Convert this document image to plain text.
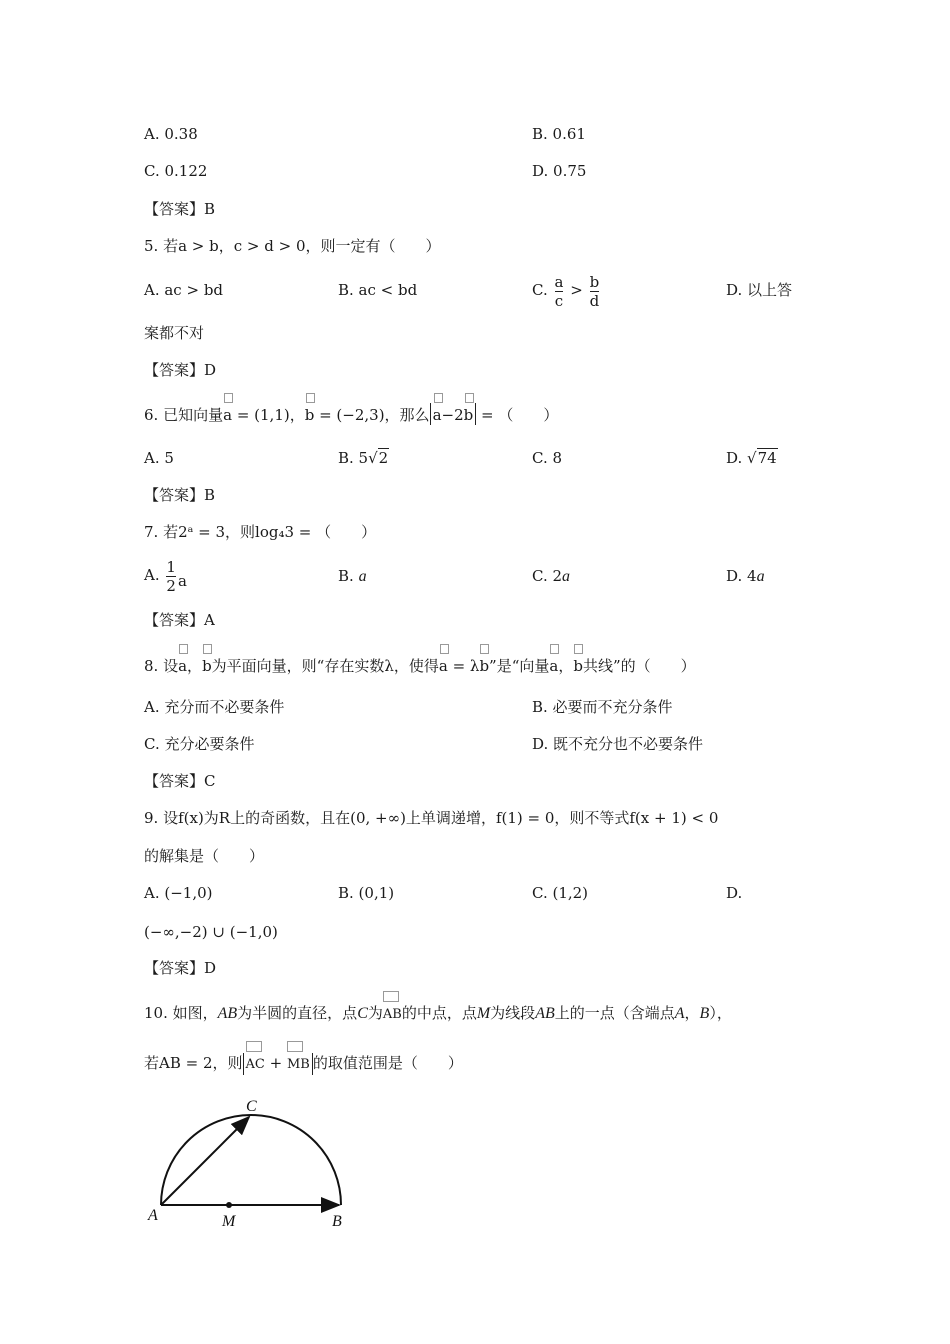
A. 0.38	B. 0.61
C. 0.122	D. 0.75
【答案】B
5. 若a > b，c > d > 0，则一定有（　　）
A. ac > bd	B. ac < bd	C. $\frac{a}{c} > \frac{b}{d}$	D. 以上答
案都不对
【答案】D
6. 已知向量
a = (1,1)，
b = (−2,3)，那么 a−2
b = （　　）
A. 5	B. 5√2	C. 8	D. √74
【答案】B
7. 若2ᵃ = 3，则log₄3 = （　　）
A. $\frac{1}{2}$ a	B. a	C. 2a	D. 4a
【答案】A
8. 设
a，
b为平面向量，则“存在实数λ，使得
a = λ
b”是“向量
a，
b共线”的（　　）
A. 充分而不必要条件	B. 必要而不充分条件
C. 充分必要条件	D. 既不充分也不必要条件
【答案】C
9. 设f(x)为R上的奇函数，且在(0, +∞)上单调递增，f(1) = 0，则不等式f(x + 1) < 0
的解集是（　　）
A. (−1,0)	B. (0,1)	C. (1,2)	D.
(−∞,−2) ∪ (−1,0)
【答案】D
10. 如图，AB为半圆的直径，点C为
AB的中点，点M为线段AB上的一点（含端点A，B），
若AB = 2，则 AC +
MB 的取值范围是（　　）
A	M	B
C
